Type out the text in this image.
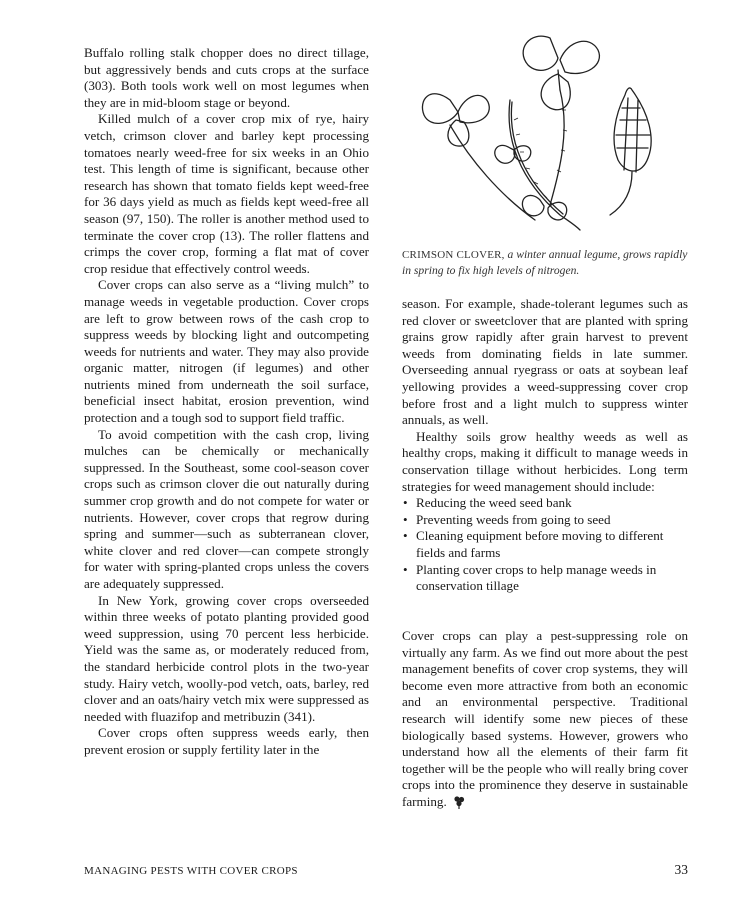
Buffalo rolling stalk chopper does no direct tillage, but aggressively bends and cuts crops at the surface (303). Both tools work well on most legumes when they are in mid-bloom stage or beyond.

Killed mulch of a cover crop mix of rye, hairy vetch, crimson clover and barley kept processing tomatoes nearly weed-free for six weeks in an Ohio test. This length of time is significant, because other research has shown that tomato fields kept weed-free for 36 days yield as much as fields kept weed-free all season (97, 150). The roller is another method used to terminate the cover crop (13). The roller flattens and crimps the cover crop, forming a flat mat of cover crop residue that effectively control weeds.

Cover crops can also serve as a “living mulch” to manage weeds in vegetable production. Cover crops are left to grow between rows of the cash crop to suppress weeds by blocking light and outcompeting weeds for nutrients and water. They may also provide organic matter, nitrogen (if legumes) and other nutrients mined from underneath the soil surface, beneficial insect habitat, erosion prevention, wind protection and a tough sod to support field traffic.

To avoid competition with the cash crop, living mulches can be chemically or mechanically suppressed. In the Southeast, some cool-season cover crops such as crimson clover die out naturally during summer crop growth and do not compete for water or nutrients. However, cover crops that regrow during spring and summer—such as subterranean clover, white clover and red clover—can compete strongly for water with spring-planted crops unless the covers are adequately suppressed.

In New York, growing cover crops overseeded within three weeks of potato planting provided good weed suppression, using 70 percent less herbicide. Yield was the same as, or moderately reduced from, the standard herbicide control plots in the two-year study. Hairy vetch, woolly-pod vetch, oats, barley, red clover and an oats/hairy vetch mix were suppressed as needed with fluazifop and metribuzin (341).

Cover crops often suppress weeds early, then prevent erosion or supply fertility later in the

CRIMSON CLOVER, a winter annual legume, grows rapidly in spring to fix high levels of nitrogen.

season. For example, shade-tolerant legumes such as red clover or sweetclover that are planted with spring grains grow rapidly after grain harvest to prevent weeds from dominating fields in late summer. Overseeding annual ryegrass or oats at soybean leaf yellowing provides a weed-suppressing cover crop before frost and a light mulch to suppress winter annuals, as well.

Healthy soils grow healthy weeds as well as healthy crops, making it difficult to manage weeds in conservation tillage without herbicides. Long term strategies for weed management should include:

• Reducing the weed seed bank
• Preventing weeds from going to seed
• Cleaning equipment before moving to different fields and farms
• Planting cover crops to help manage weeds in conservation tillage

Cover crops can play a pest-suppressing role on virtually any farm. As we find out more about the pest management benefits of cover crop systems, they will become even more attractive from both an economic and an environmental perspective. Traditional research will identify some new pieces of these biologically based systems. However, growers who understand how all the elements of their farm fit together will be the people who will really bring cover crops into the prominence they deserve in sustainable farming.

MANAGING PESTS WITH COVER CROPS	33
